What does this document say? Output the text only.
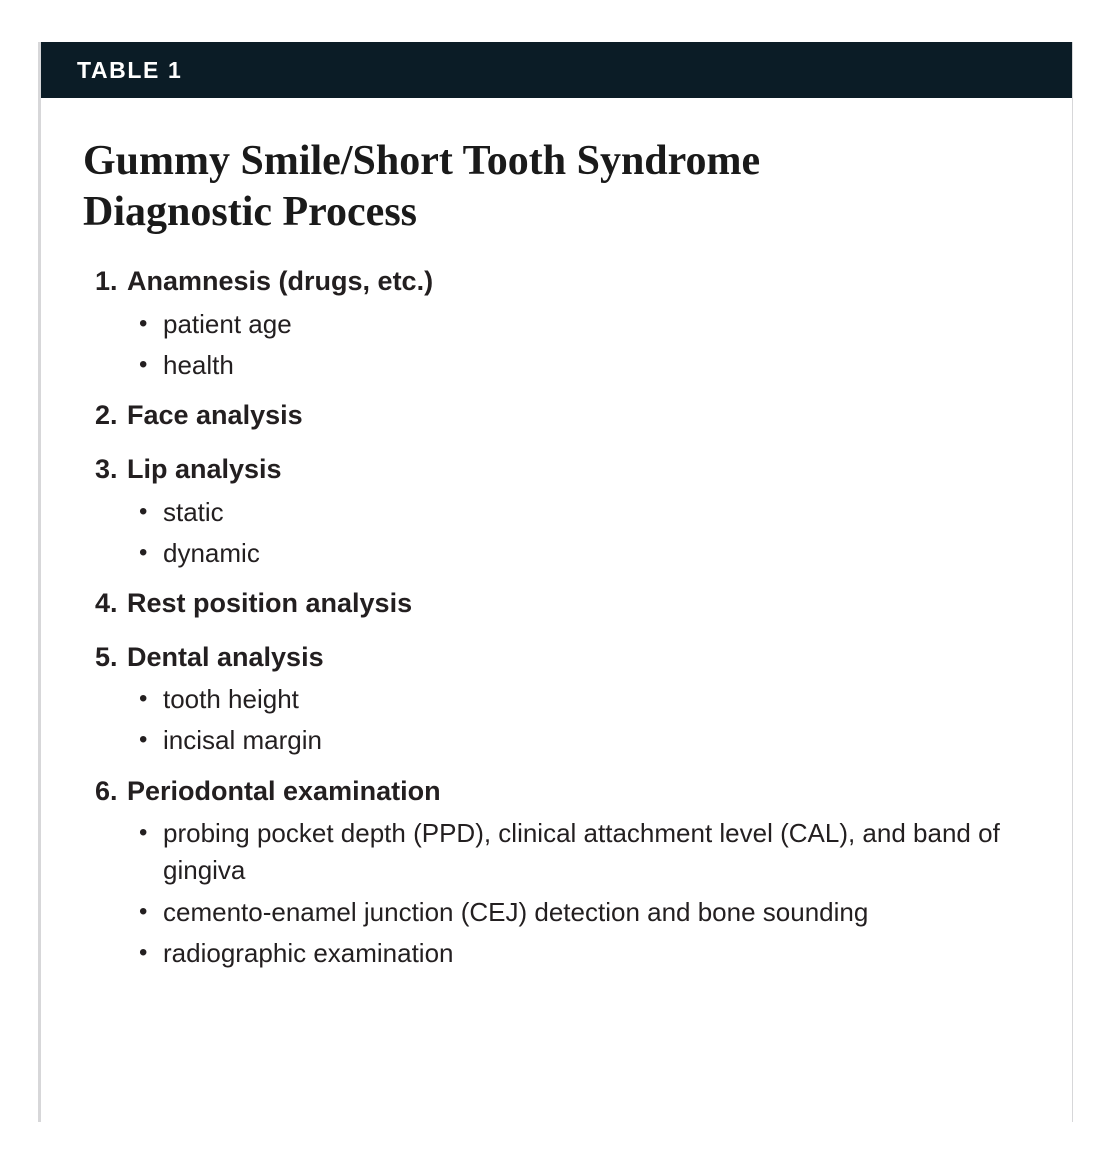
TABLE 1
Gummy Smile/Short Tooth Syndrome Diagnostic Process
1. Anamnesis (drugs, etc.)
• patient age
• health
2. Face analysis
3. Lip analysis
• static
• dynamic
4. Rest position analysis
5. Dental analysis
• tooth height
• incisal margin
6. Periodontal examination
• probing pocket depth (PPD), clinical attachment level (CAL), and band of gingiva
• cemento-enamel junction (CEJ) detection and bone sounding
• radiographic examination
